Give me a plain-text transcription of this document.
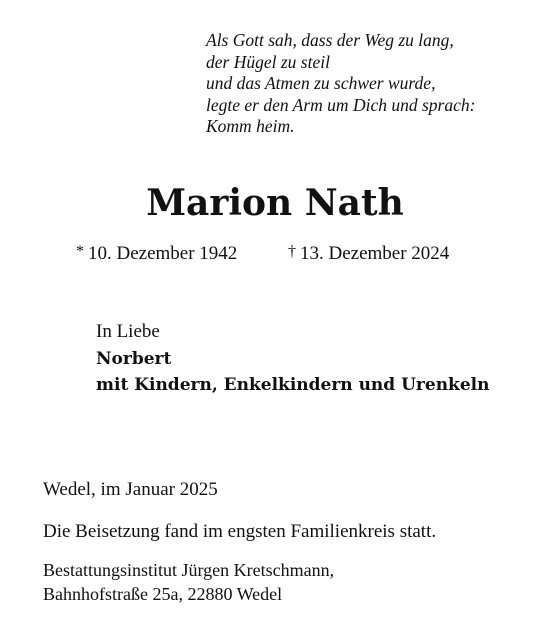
Als Gott sah, dass der Weg zu lang,
der Hügel zu steil
und das Atmen zu schwer wurde,
legte er den Arm um Dich und sprach:
Komm heim.
Marion Nath
* 10. Dezember 1942	† 13. Dezember 2024
In Liebe
Norbert
mit Kindern, Enkelkindern und Urenkeln
Wedel, im Januar 2025
Die Beisetzung fand im engsten Familienkreis statt.
Bestattungsinstitut Jürgen Kretschmann,
Bahnhofstraße 25a, 22880 Wedel
